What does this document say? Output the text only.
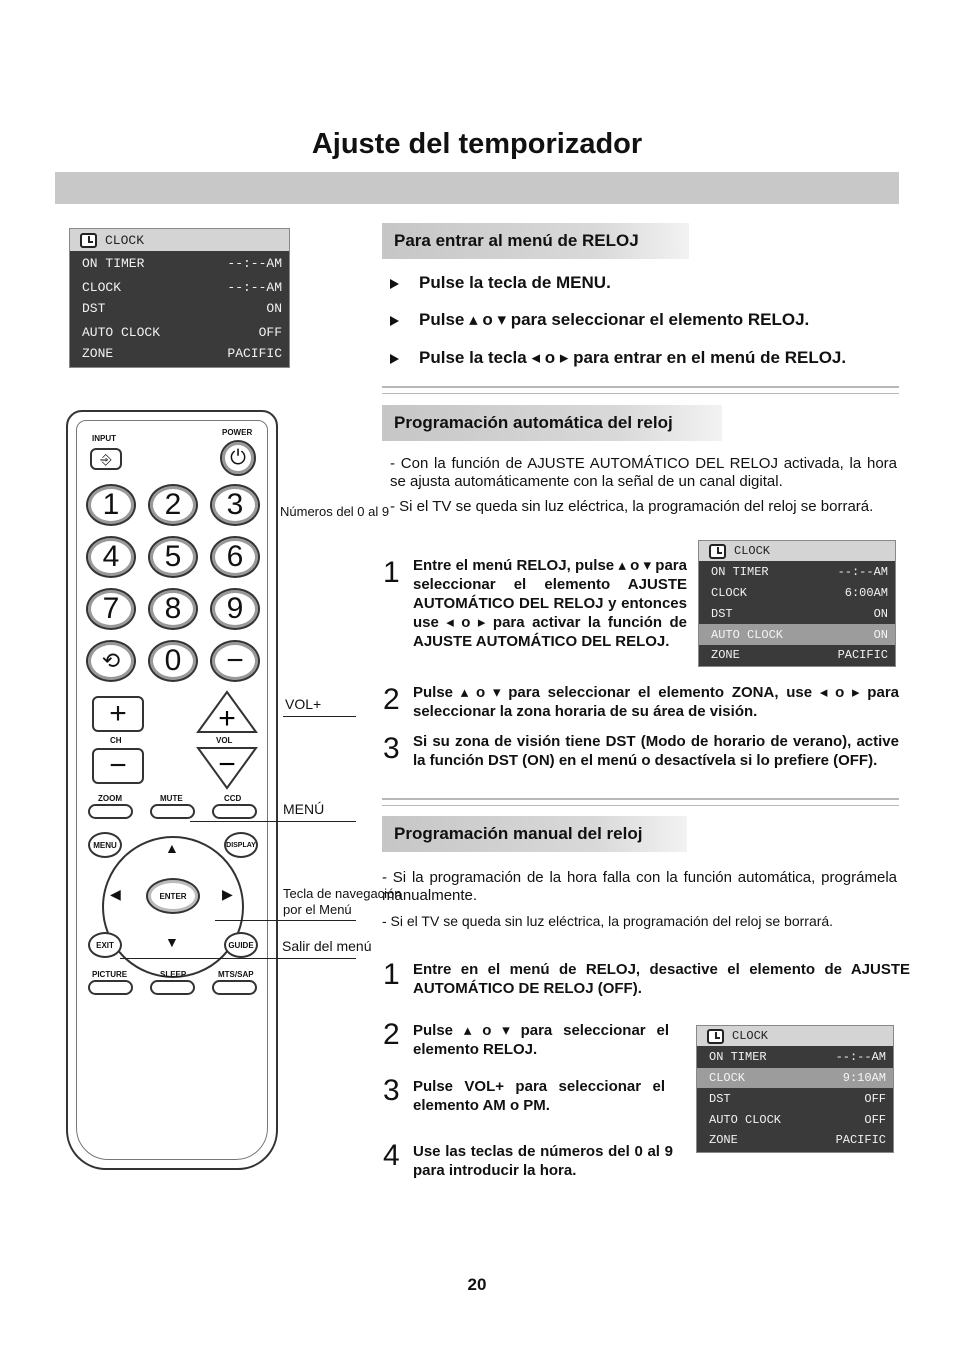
Ajuste del temporizador
CLOCK
ON TIMER	--:--AM
CLOCK	--:--AM
DST	ON
AUTO CLOCK	OFF
ZONE	PACIFIC
Para entrar al menú de RELOJ
Pulse la tecla de MENU.
Pulse ▴ o ▾ para seleccionar el elemento RELOJ.
Pulse la tecla ◂ o ▸ para entrar en el menú de RELOJ.
Programación automática del reloj
- Con la función de AJUSTE AUTOMÁTICO DEL RELOJ activada, la hora se ajusta automáticamente con la señal de un canal digital.
- Si el TV se queda sin luz eléctrica, la programación del reloj se borrará.
1 Entre el menú RELOJ, pulse ▴ o ▾ para seleccionar el elemento AJUSTE AUTOMÁTICO DEL RELOJ y entonces use ◂ o ▸ para activar la función de AJUSTE AUTOMÁTICO DEL RELOJ.
CLOCK
ON TIMER	--:--AM
CLOCK	6:00AM
DST	ON
AUTO CLOCK	ON
ZONE	PACIFIC
2 Pulse ▴ o ▾ para seleccionar el elemento ZONA, use ◂ o ▸ para seleccionar la zona horaria de su área de visión.
3 Si su zona de visión tiene DST (Modo de horario de verano), active la función DST (ON) en el menú o desactívela si lo prefiere (OFF).
Programación manual del reloj
- Si la programación de la hora falla con la función automática, prográmela manualmente.
- Si el TV se queda sin luz eléctrica, la programación del reloj se borrará.
1 Entre en el menú de RELOJ, desactive el elemento de AJUSTE AUTOMÁTICO DE RELOJ (OFF).
2 Pulse ▴ o ▾ para seleccionar el elemento RELOJ.
3 Pulse VOL+ para seleccionar el elemento AM o PM.
4 Use las teclas de números del 0 al 9 para introducir la hora.
CLOCK
ON TIMER	--:--AM
CLOCK	9:10AM
DST	OFF
AUTO CLOCK	OFF
ZONE	PACIFIC
INPUT
⎆
POWER
⏻
1	2	3
4	5	6
7	8	9
⟲	0	−
+
CH
−
+
VOL
−
ZOOM	MUTE	CCD
MENU	DISPLAY
▲
▼
◀	▶
ENTER
EXIT	GUIDE
PICTURE	SLEEP	MTS/SAP
Números del 0 al 9
VOL+
MENÚ
Tecla de navegación
por el Menú
Salir del menú
20
